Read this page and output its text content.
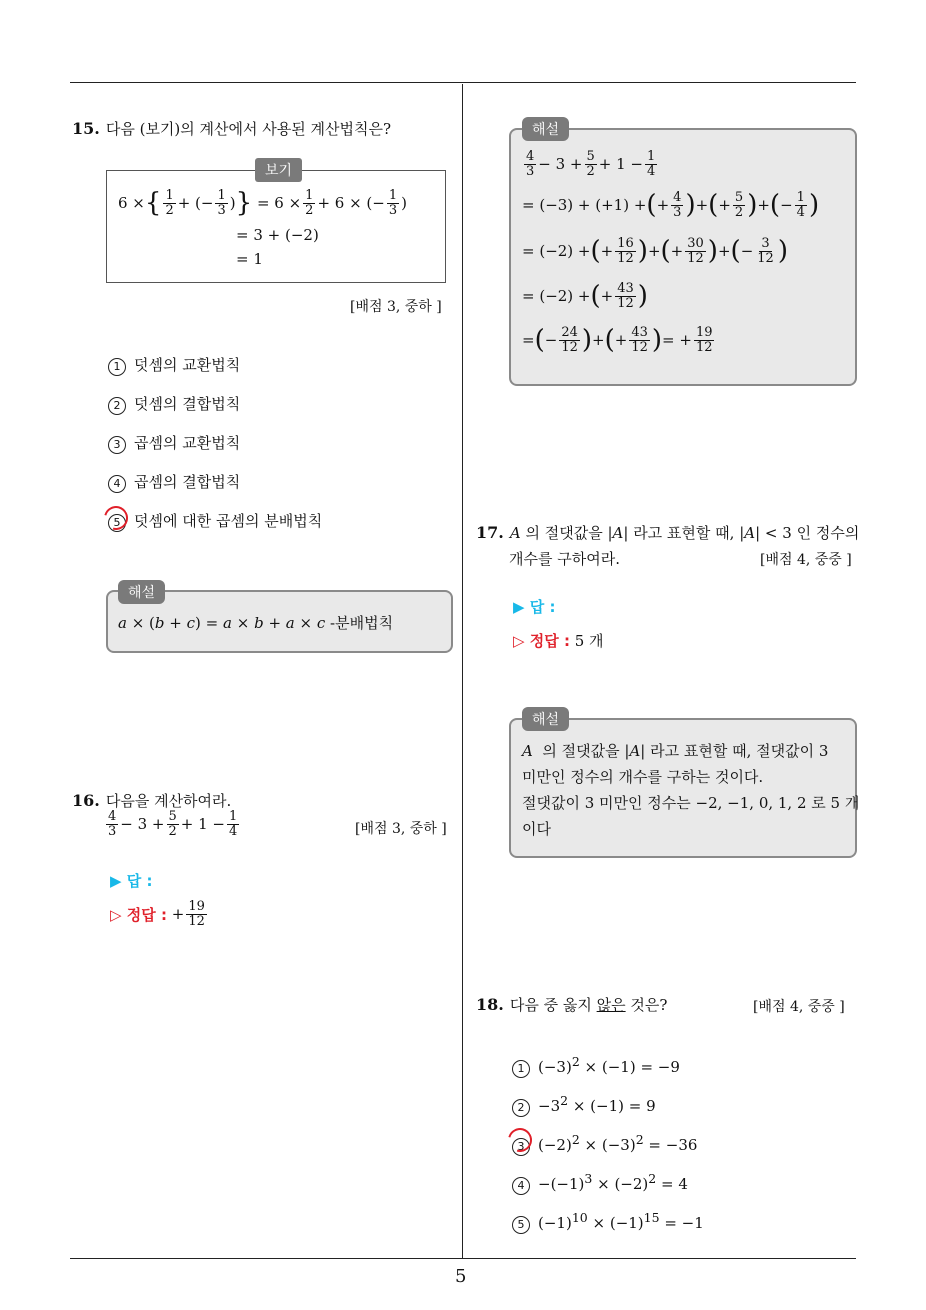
5
15. 다음 (보기)의 계산에서 사용된 계산법칙은?
보기
6 × { $\frac{1}{2}$ + (− $\frac{1}{3}$ ) } = $6 \times \frac{1}{2} + 6$ × (− $\frac{1}{3}$ )
= 3 + (−2)
= 1
[배점 3, 중하 ]
1 덧셈의 교환법칙
2 덧셈의 결합법칙
3 곱셈의 교환법칙
4 곱셈의 결합법칙
5 덧셈에 대한 곱셈의 분배법칙
해설
a × (b + c) = a × b + a × c -분배법칙
16. 다음을 계산하여라.
$\frac{4}{3} - 3 + \frac{5}{2} + 1 - \frac{1}{4}$	[배점 3, 중하 ]
▶ 답 :
▷ 정답 : + $\frac{19}{12}$
해설
$\frac{4}{3} - 3 + \frac{5}{2} + 1 - \frac{1}{4}$
= (−3) + (+1) + ( + $\frac{4}{3}$ ) + ( + $\frac{5}{2}$ ) + ( − $\frac{1}{4}$ )
= (−2) + ( + $\frac{16}{12}$ ) + ( + $\frac{30}{12}$ ) + ( − $\frac{3}{12}$ )
= (−2) + ( + $\frac{43}{12}$ )
= ( − $\frac{24}{12}$ ) + ( + $\frac{43}{12}$ ) = + $\frac{19}{12}$
17. A 의 절댓값을 |A| 라고 표현할 때, |A| < 3 인 정수의
개수를 구하여라.	[배점 4, 중중 ]
▶ 답 :
▷ 정답 : 5 개
해설
A 의 절댓값을 |A| 라고 표현할 때, 절댓값이 3
미만인 정수의 개수를 구하는 것이다.
절댓값이 3 미만인 정수는 −2, −1, 0, 1, 2 로 5 개
이다
18. 다음 중 옳지 않은 것은?	[배점 4, 중중 ]
1 $(-3)^2 \times (-1) = -9$
$2 -3^2 \times (-1) = 9$
3 $(-2)^2 \times (-3)^2 = -36$
$4 -(-1)^3 \times (-2)^2 = 4$
5 $(-1)^{10} \times (-1)^{15} = -1$
